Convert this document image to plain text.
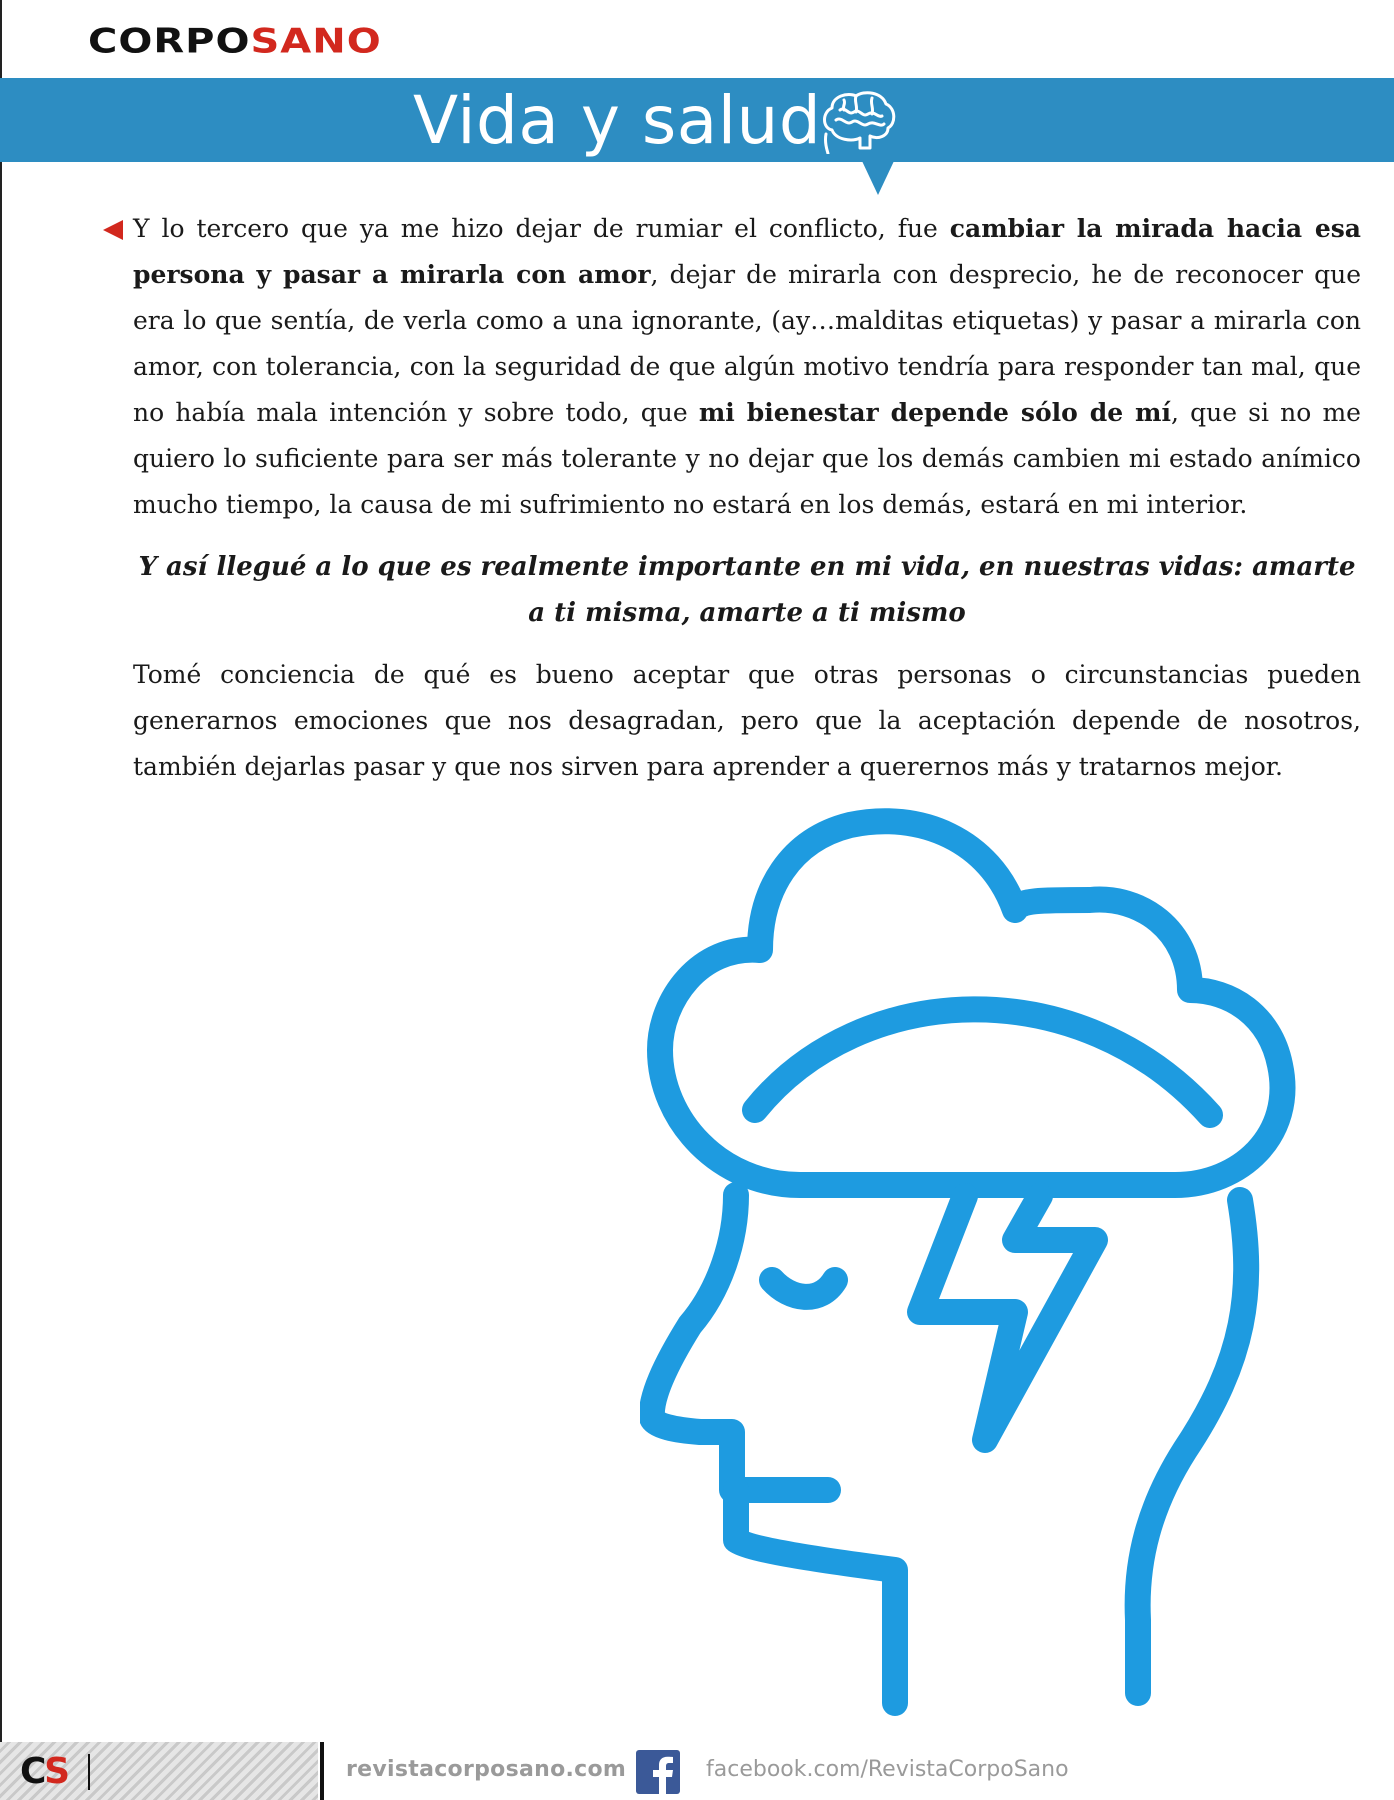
CORPOSANO
Vida y salud

Y lo tercero que ya me hizo dejar de rumiar el conflicto, fue cambiar la mirada hacia esa persona y pasar a mirarla con amor, dejar de mirarla con desprecio, he de reconocer que era lo que sentía, de verla como a una ignorante, (ay…malditas etiquetas) y pasar a mirarla con amor, con tolerancia, con la seguridad de que algún motivo tendría para responder tan mal, que no había mala intención y sobre todo, que mi bienestar depende sólo de mí, que si no me quiero lo suficiente para ser más tolerante y no dejar que los demás cambien mi estado anímico mucho tiempo, la causa de mi sufrimiento no estará en los demás, estará en mi interior.

Y así llegué a lo que es realmente importante en mi vida, en nuestras vidas: amarte a ti misma, amarte a ti mismo

Tomé conciencia de qué es bueno aceptar que otras personas o circunstancias pueden generarnos emociones que nos desagradan, pero que la aceptación depende de nosotros, también dejarlas pasar y que nos sirven para aprender a querernos más y tratarnos mejor.

CS	revistacorposano.com	facebook.com/RevistaCorpoSano
